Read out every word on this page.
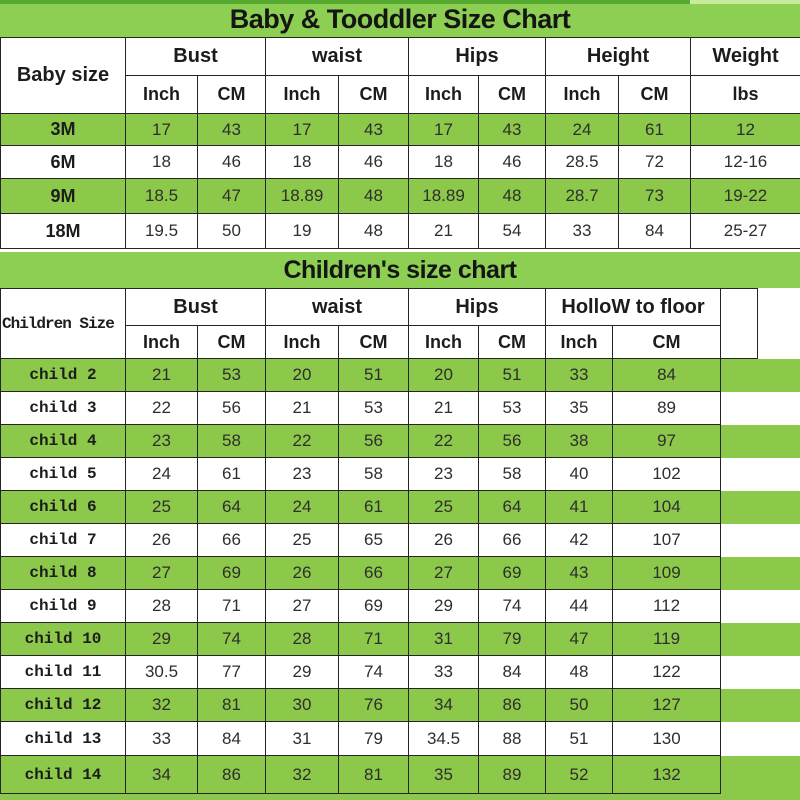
Baby & Tooddler Size Chart
Baby size	Bust		waist		Hips		Height		Weight
	Inch	CM	Inch	CM	Inch	CM	Inch	CM	lbs
3M	17	43	17	43	17	43	24	61	12
6M	18	46	18	46	18	46	28.5	72	12-16
9M	18.5	47	18.89	48	18.89	48	28.7	73	19-22
18M	19.5	50	19	48	21	54	33	84	25-27
Children's size chart
Children Size	Bust		waist		Hips		HolloW to floor			
	Inch	CM	Inch	CM	Inch	CM	Inch	CM		
child 2	21	53	20	51	20	51	33	84		
child 3	22	56	21	53	21	53	35	89		
child 4	23	58	22	56	22	56	38	97		
child 5	24	61	23	58	23	58	40	102		
child 6	25	64	24	61	25	64	41	104		
child 7	26	66	25	65	26	66	42	107		
child 8	27	69	26	66	27	69	43	109		
child 9	28	71	27	69	29	74	44	112		
child 10	29	74	28	71	31	79	47	119		
child 11	30.5	77	29	74	33	84	48	122		
child 12	32	81	30	76	34	86	50	127		
child 13	33	84	31	79	34.5	88	51	130		
child 14	34	86	32	81	35	89	52	132		
